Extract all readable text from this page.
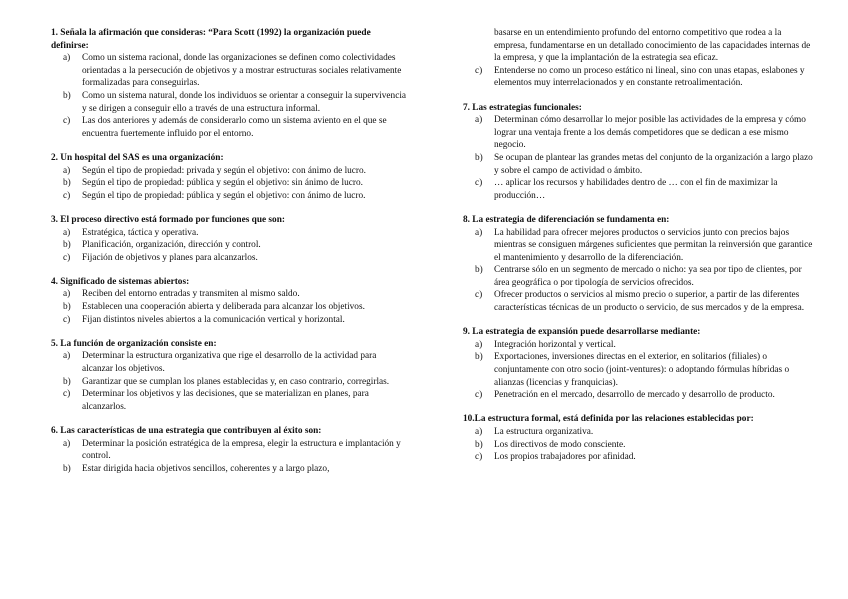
1. Señala la afirmación que consideras: “Para Scott (1992) la organización puede definirse:

a) Como un sistema racional, donde las organizaciones se definen como colectividades orientadas a la persecución de objetivos y a mostrar estructuras sociales relativamente formalizadas para conseguirlas.

b) Como un sistema natural, donde los individuos se orientar a conseguir la supervivencia y se dirigen a conseguir ello a través de una estructura informal.

c) Las dos anteriores y además de considerarlo como un sistema aviento en el que se encuentra fuertemente influido por el entorno.

2. Un hospital del SAS es una organización:

a) Según el tipo de propiedad: privada y según el objetivo: con ánimo de lucro.

b) Según el tipo de propiedad: pública y según el objetivo: sin ánimo de lucro.

c) Según el tipo de propiedad: pública y según el objetivo: con ánimo de lucro.

3. El proceso directivo está formado por funciones que son:

a) Estratégica, táctica y operativa.

b) Planificación, organización, dirección y control.

c) Fijación de objetivos y planes para alcanzarlos.

4. Significado de sistemas abiertos:

a) Reciben del entorno entradas y transmiten al mismo saldo.

b) Establecen una cooperación abierta y deliberada para alcanzar los objetivos.

c) Fijan distintos niveles abiertos a la comunicación vertical y horizontal.

5. La función de organización consiste en:

a) Determinar la estructura organizativa que rige el desarrollo de la actividad para alcanzar los objetivos.

b) Garantizar que se cumplan los planes establecidas y, en caso contrario, corregirlas.

c) Determinar los objetivos y las decisiones, que se materializan en planes, para alcanzarlos.

6. Las características de una estrategia que contribuyen al éxito son:

a) Determinar la posición estratégica de la empresa, elegir la estructura e implantación y control.

b) Estar dirigida hacia objetivos sencillos, coherentes y a largo plazo,

basarse en un entendimiento profundo del entorno competitivo que rodea a la empresa, fundamentarse en un detallado conocimiento de las capacidades internas de la empresa, y que la implantación de la estrategia sea eficaz.

c) Entenderse no como un proceso estático ni lineal, sino con unas etapas, eslabones y elementos muy interrelacionados y en constante retroalimentación.

7. Las estrategias funcionales:

a) Determinan cómo desarrollar lo mejor posible las actividades de la empresa y cómo lograr una ventaja frente a los demás competidores que se dedican a ese mismo negocio.

b) Se ocupan de plantear las grandes metas del conjunto de la organización a largo plazo y sobre el campo de actividad o ámbito.

c) … aplicar los recursos y habilidades dentro de … con el fin de maximizar la producción…

8. La estrategia de diferenciación se fundamenta en:

a) La habilidad para ofrecer mejores productos o servicios junto con precios bajos mientras se consiguen márgenes suficientes que permitan la reinversión que garantice el mantenimiento y desarrollo de la diferenciación.

b) Centrarse sólo en un segmento de mercado o nicho: ya sea por tipo de clientes, por área geográfica o por tipología de servicios ofrecidos.

c) Ofrecer productos o servicios al mismo precio o superior, a partir de las diferentes características técnicas de un producto o servicio, de sus mercados y de la empresa.

9. La estrategia de expansión puede desarrollarse mediante:

a) Integración horizontal y vertical.

b) Exportaciones, inversiones directas en el exterior, en solitarios (filiales) o conjuntamente con otro socio (joint-ventures): o adoptando fórmulas híbridas o alianzas (licencias y franquicias).

c) Penetración en el mercado, desarrollo de mercado y desarrollo de producto.

10.La estructura formal, está definida por las relaciones establecidas por:

a) La estructura organizativa.

b) Los directivos de modo consciente.

c) Los propios trabajadores por afinidad.
